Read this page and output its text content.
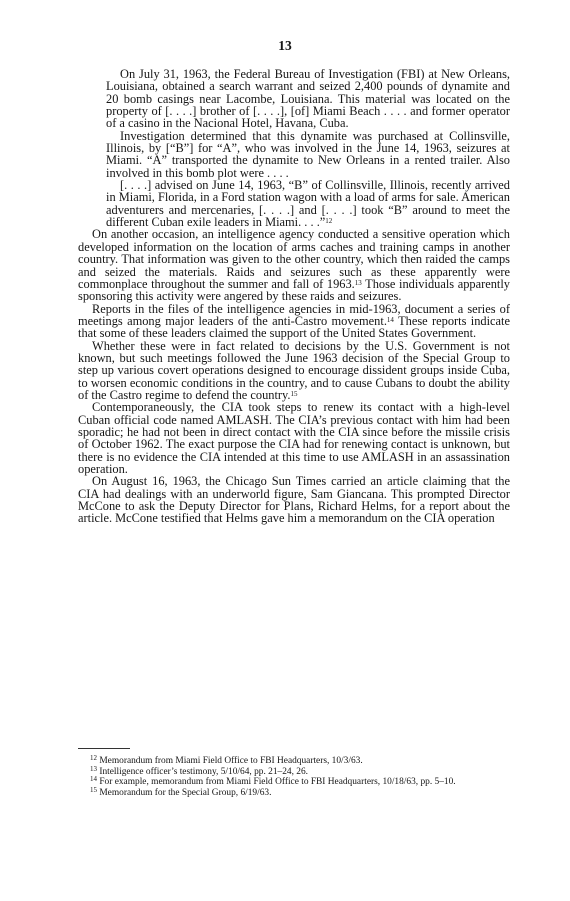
13

On July 31, 1963, the Federal Bureau of Investigation (FBI) at New Orleans, Louisiana, obtained a search warrant and seized 2,400 pounds of dynamite and 20 bomb casings near Lacombe, Louisiana. This material was located on the property of [. . . .] brother of [. . . .], [of] Miami Beach . . . . and former operator of a casino in the Nacional Hotel, Havana, Cuba.

Investigation determined that this dynamite was purchased at Collinsville, Illinois, by [“B”] for “A”, who was involved in the June 14, 1963, seizures at Miami. “A” transported the dynamite to New Orleans in a rented trailer. Also involved in this bomb plot were . . . .

[. . . .] advised on June 14, 1963, “B” of Collinsville, Illinois, recently arrived in Miami, Florida, in a Ford station wagon with a load of arms for sale. American adventurers and mercenaries, [. . . .] and [. . . .] took “B” around to meet the different Cuban exile leaders in Miami. . . .”$^{12}$

On another occasion, an intelligence agency conducted a sensitive operation which developed information on the location of arms caches and training camps in another country. That information was given to the other country, which then raided the camps and seized the materials. Raids and seizures such as these apparently were commonplace throughout the summer and fall of 1963.13 Those individuals apparently sponsoring this activity were angered by these raids and seizures.

Reports in the files of the intelligence agencies in mid-1963, document a series of meetings among major leaders of the anti-Castro movement.$^{14}$ These reports indicate that some of these leaders claimed the support of the United States Government.

Whether these were in fact related to decisions by the U.S. Government is not known, but such meetings followed the June 1963 decision of the Special Group to step up various covert operations designed to encourage dissident groups inside Cuba, to worsen economic conditions in the country, and to cause Cubans to doubt the ability of the Castro regime to defend the country.$^{15}$

Contemporaneously, the CIA took steps to renew its contact with a high-level Cuban official code named AMLASH. The CIA’s previous contact with him had been sporadic; he had not been in direct contact with the CIA since before the missile crisis of October 1962. The exact purpose the CIA had for renewing contact is unknown, but there is no evidence the CIA intended at this time to use AMLASH in an assassination operation.

On August 16, 1963, the Chicago Sun Times carried an article claiming that the CIA had dealings with an underworld figure, Sam Giancana. This prompted Director McCone to ask the Deputy Director for Plans, Richard Helms, for a report about the article. McCone testified that Helms gave him a memorandum on the CIA operation

$^{12}$ Memorandum from Miami Field Office to FBI Headquarters, 10/3/63.

$^{13}$ Intelligence officer’s testimony, 5/10/64, pp. 21–24, 26.

$^{14}$ For example, memorandum from Miami Field Office to FBI Headquarters, 10/18/63, pp. 5–10.

$^{15}$ Memorandum for the Special Group, 6/19/63.
